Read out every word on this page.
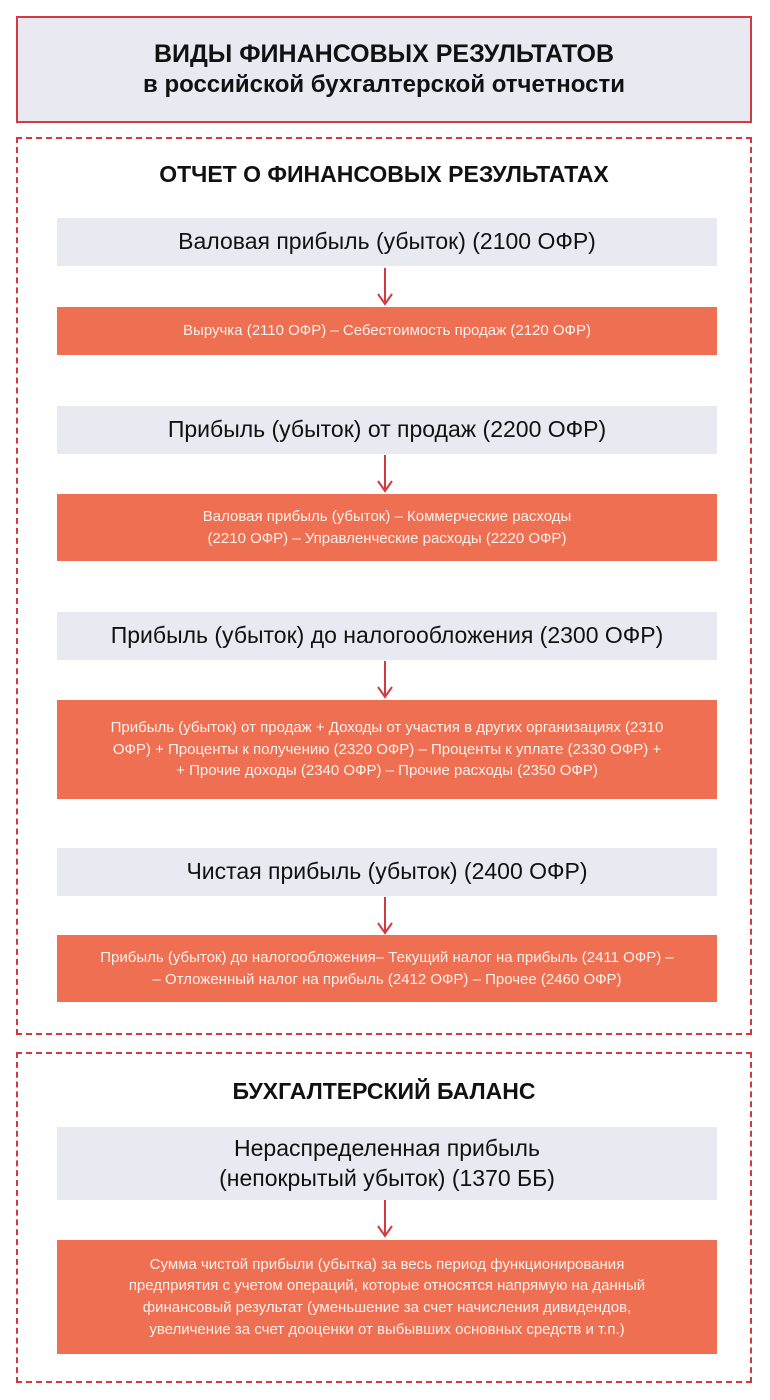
ВИДЫ ФИНАНСОВЫХ РЕЗУЛЬТАТОВ
в российской бухгалтерской отчетности
ОТЧЕТ О ФИНАНСОВЫХ РЕЗУЛЬТАТАХ
Валовая прибыль (убыток) (2100 ОФР)
Выручка (2110 ОФР) – Себестоимость продаж (2120 ОФР)
Прибыль (убыток) от продаж (2200 ОФР)
Валовая прибыль (убыток) – Коммерческие расходы
(2210 ОФР) – Управленческие расходы (2220 ОФР)
Прибыль (убыток) до налогообложения (2300 ОФР)
Прибыль (убыток) от продаж + Доходы от участия в других организациях (2310
ОФР) + Проценты к получению (2320 ОФР) – Проценты к уплате (2330 ОФР) +
+ Прочие доходы (2340 ОФР) – Прочие расходы (2350 ОФР)
Чистая прибыль (убыток) (2400 ОФР)
Прибыль (убыток) до налогообложения– Текущий налог на прибыль (2411 ОФР) –
– Отложенный налог на прибыль (2412 ОФР) – Прочее (2460 ОФР)
БУХГАЛТЕРСКИЙ БАЛАНС
Нераспределенная прибыль
(непокрытый убыток) (1370 ББ)
Сумма чистой прибыли (убытка) за весь период функционирования
предприятия с учетом операций, которые относятся напрямую на данный
финансовый результат (уменьшение за счет начисления дивидендов,
увеличение за счет дооценки от выбывших основных средств и т.п.)
